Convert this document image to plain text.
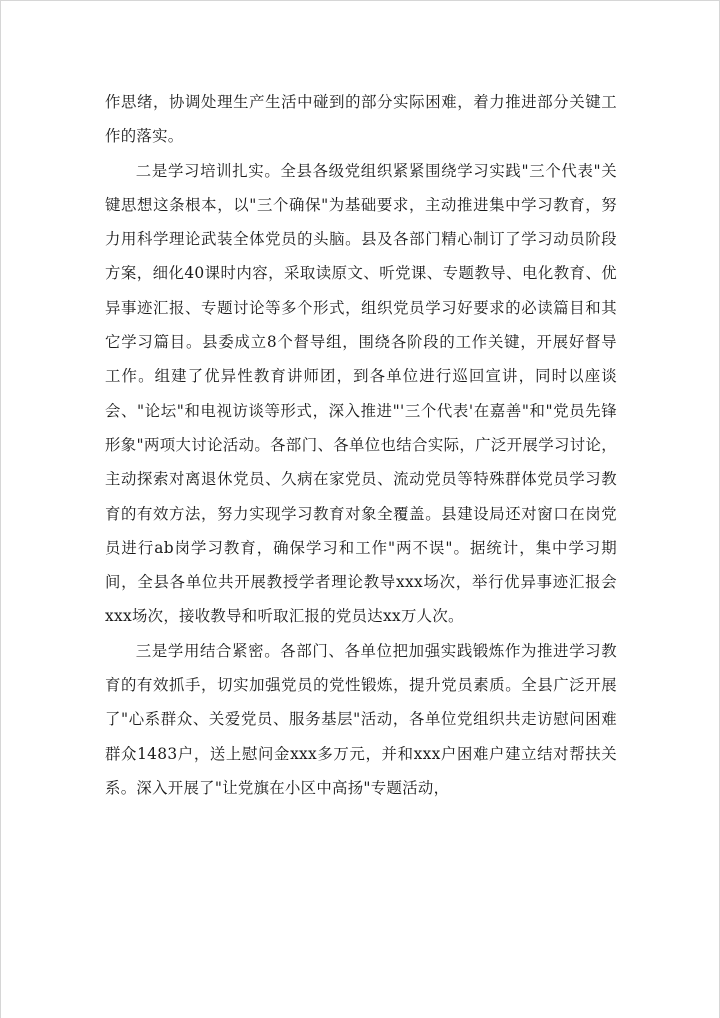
作思绪，协调处理生产生活中碰到的部分实际困难，着力推进部分关键工作的落实。

二是学习培训扎实。全县各级党组织紧紧围绕学习实践"三个代表"关键思想这条根本，以"三个确保"为基础要求，主动推进集中学习教育，努力用科学理论武装全体党员的头脑。县及各部门精心制订了学习动员阶段方案，细化40课时内容，采取读原文、听党课、专题教导、电化教育、优异事迹汇报、专题讨论等多个形式，组织党员学习好要求的必读篇目和其它学习篇目。县委成立8个督导组，围绕各阶段的工作关键，开展好督导工作。组建了优异性教育讲师团，到各单位进行巡回宣讲，同时以座谈会、"论坛"和电视访谈等形式，深入推进"'三个代表'在嘉善"和"党员先锋形象"两项大讨论活动。各部门、各单位也结合实际，广泛开展学习讨论，主动探索对离退休党员、久病在家党员、流动党员等特殊群体党员学习教育的有效方法，努力实现学习教育对象全覆盖。县建设局还对窗口在岗党员进行ab岗学习教育，确保学习和工作"两不误"。据统计，集中学习期间，全县各单位共开展教授学者理论教导xxx场次，举行优异事迹汇报会xxx场次，接收教导和听取汇报的党员达xx万人次。

三是学用结合紧密。各部门、各单位把加强实践锻炼作为推进学习教育的有效抓手，切实加强党员的党性锻炼，提升党员素质。全县广泛开展了"心系群众、关爱党员、服务基层"活动，各单位党组织共走访慰问困难群众1483户，送上慰问金xxx多万元，并和xxx户困难户建立结对帮扶关系。深入开展了"让党旗在小区中高扬"专题活动，
